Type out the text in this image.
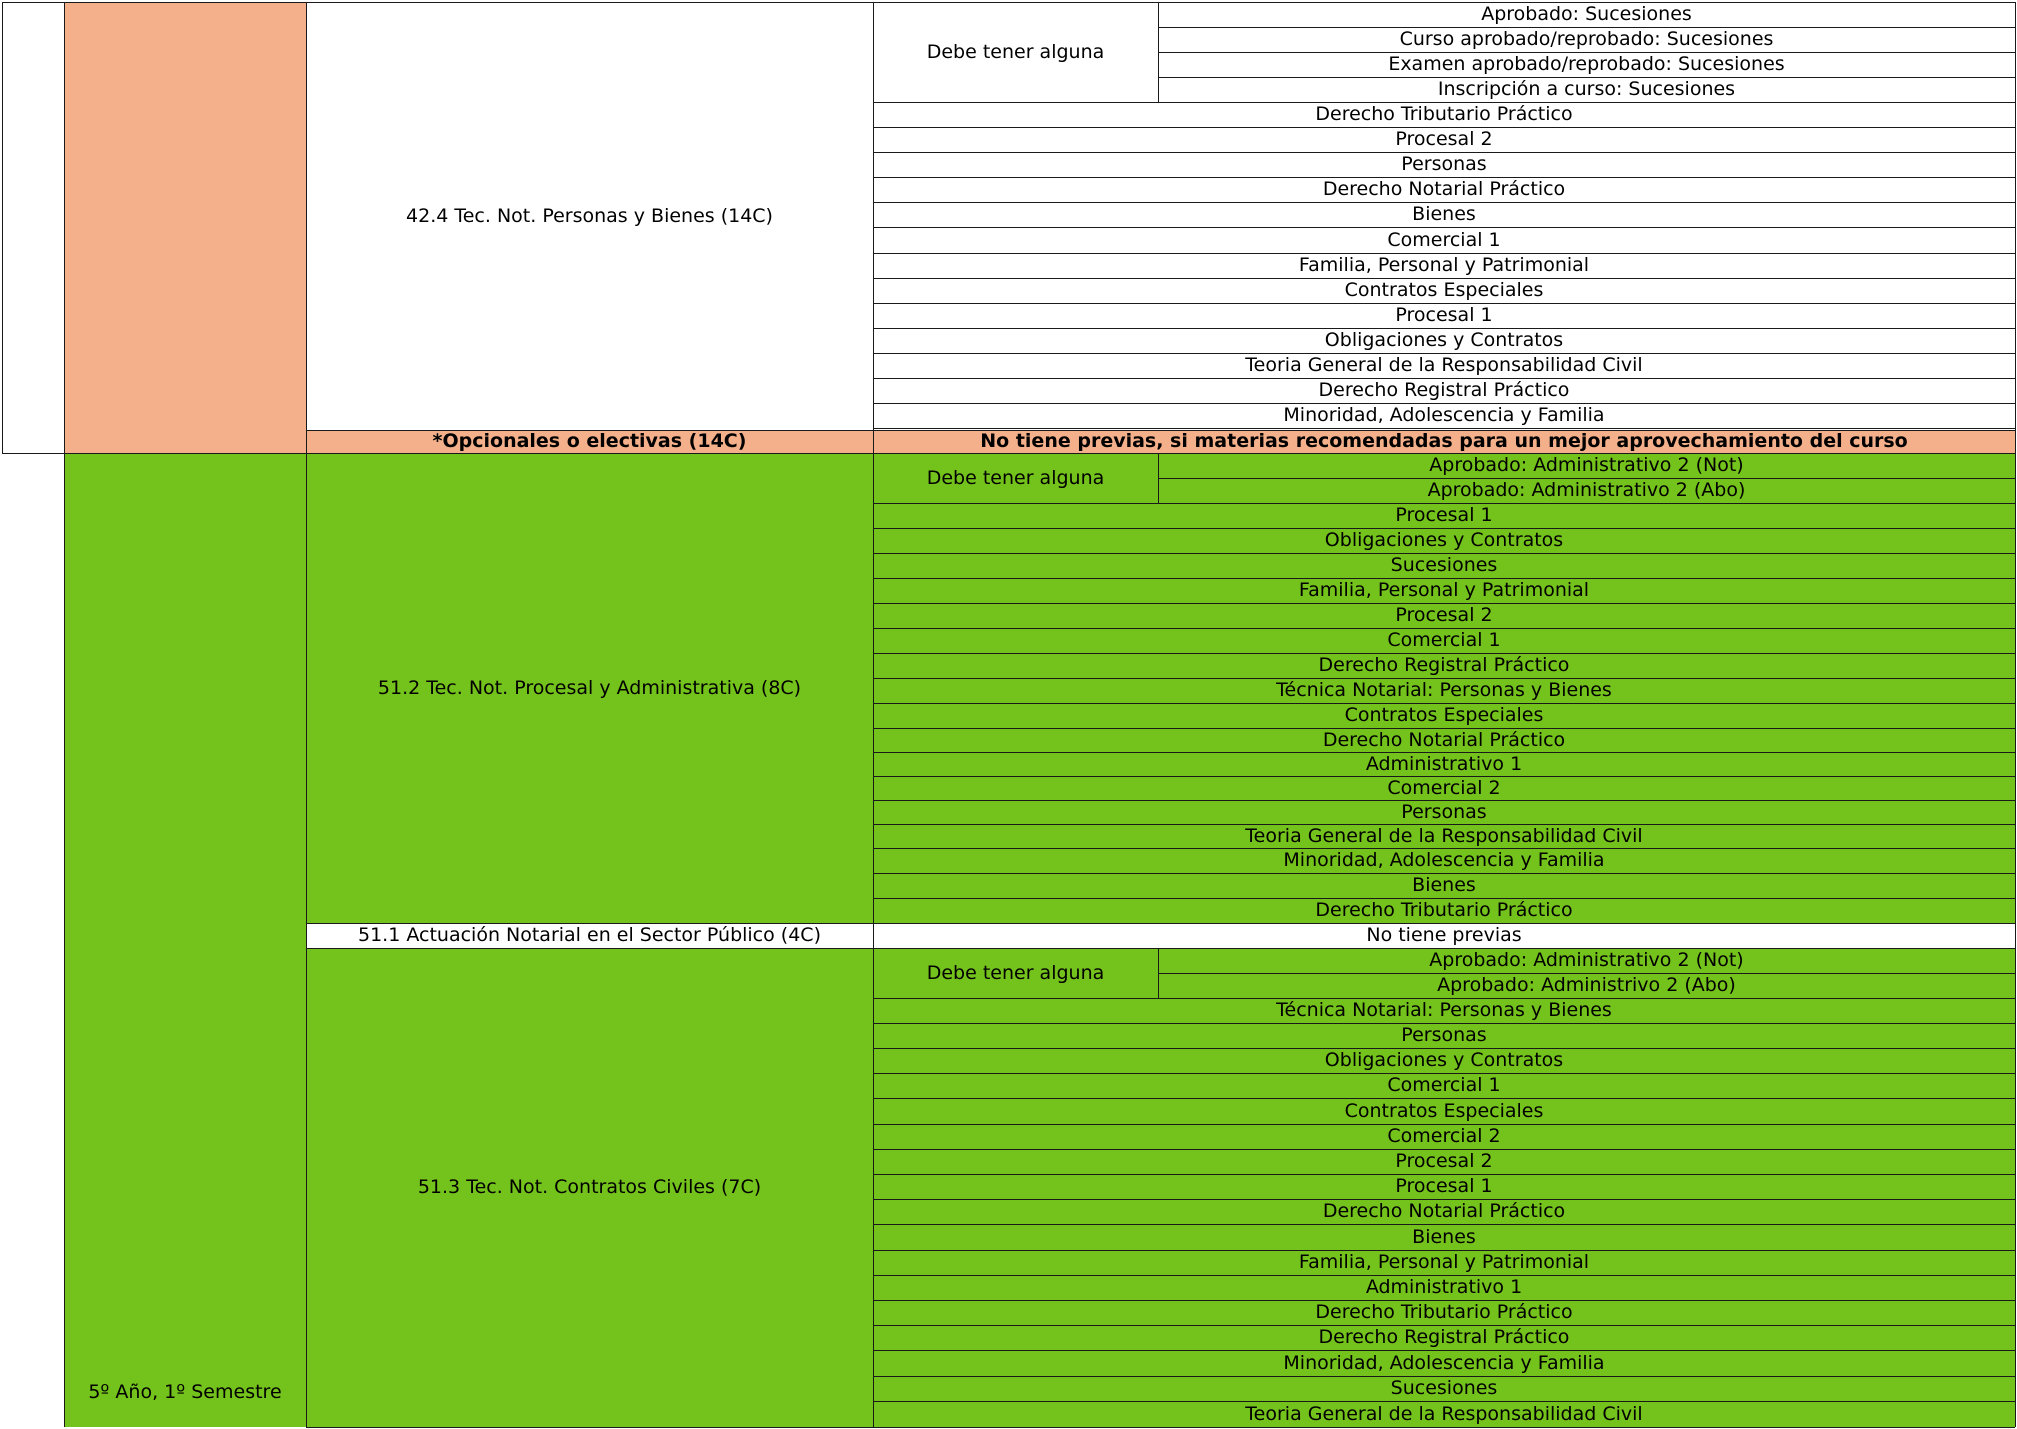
42.4 Tec. Not. Personas y Bienes (14C)
Debe tener alguna
Aprobado: Sucesiones
Curso aprobado/reprobado: Sucesiones
Examen aprobado/reprobado: Sucesiones
Inscripción a curso: Sucesiones
Derecho Tributario Práctico
Procesal 2
Personas
Derecho Notarial Práctico
Bienes
Comercial 1
Familia, Personal y Patrimonial
Contratos Especiales
Procesal 1
Obligaciones y Contratos
Teoria General de la Responsabilidad Civil
Derecho Registral Práctico
Minoridad, Adolescencia y Familia
*Opcionales o electivas (14C)	No tiene previas, si materias recomendadas para un mejor aprovechamiento del curso
51.2 Tec. Not. Procesal y Administrativa (8C)
Debe tener alguna
Aprobado: Administrativo 2 (Not)
Aprobado: Administrativo 2 (Abo)
Procesal 1
Obligaciones y Contratos
Sucesiones
Familia, Personal y Patrimonial
Procesal 2
Comercial 1
Derecho Registral Práctico
Técnica Notarial: Personas y Bienes
Contratos Especiales
Derecho Notarial Práctico
Administrativo 1
Comercial 2
Personas
Teoria General de la Responsabilidad Civil
Minoridad, Adolescencia y Familia
Bienes
Derecho Tributario Práctico
51.1 Actuación Notarial en el Sector Público (4C)	No tiene previas
51.3 Tec. Not. Contratos Civiles (7C)
Debe tener alguna
Aprobado: Administrativo 2 (Not)
Aprobado: Administrivo 2 (Abo)
Técnica Notarial: Personas y Bienes
Personas
Obligaciones y Contratos
Comercial 1
Contratos Especiales
Comercial 2
Procesal 2
Procesal 1
Derecho Notarial Práctico
Bienes
Familia, Personal y Patrimonial
Administrativo 1
Derecho Tributario Práctico
Derecho Registral Práctico
Minoridad, Adolescencia y Familia
Sucesiones
Teoria General de la Responsabilidad Civil
5º Año, 1º Semestre
